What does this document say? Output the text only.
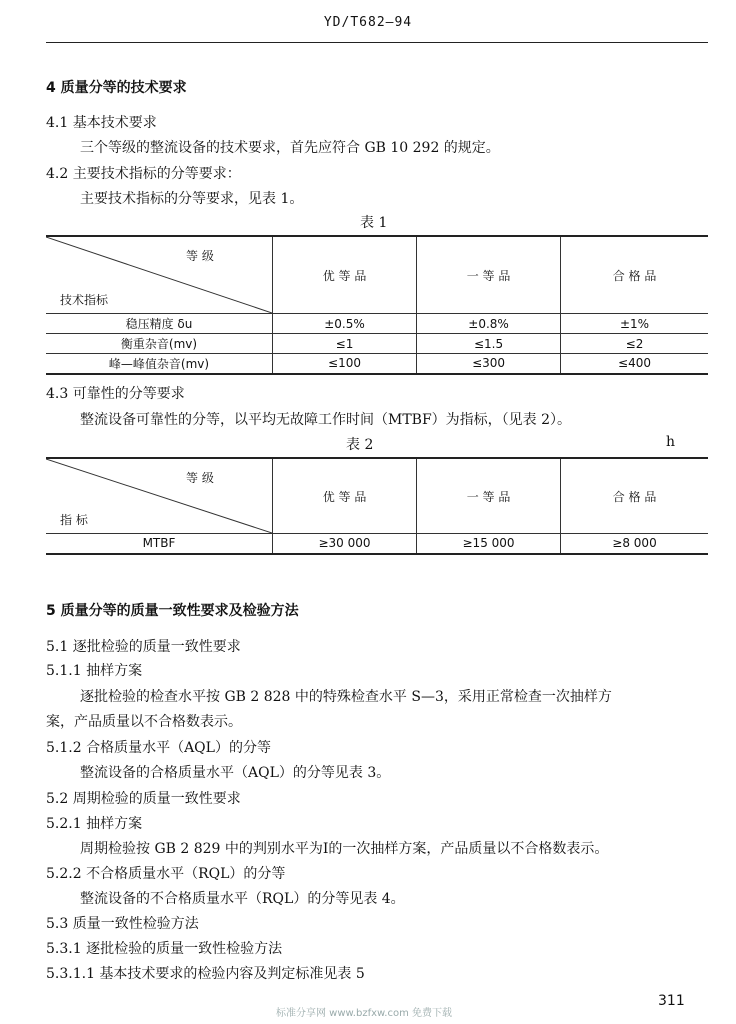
YD/T682—94
4 质量分等的技术要求
4.1 基本技术要求
三个等级的整流设备的技术要求，首先应符合 GB 10 292 的规定。
4.2 主要技术指标的分等要求：
主要技术指标的分等要求，见表 1。
表 1
等 级
技术指标	优 等 品	一 等 品	合 格 品
稳压精度 δu	±0.5%	±0.8%	±1%
衡重杂音(mv)	≤1	≤1.5	≤2
峰—峰值杂音(mv)	≤100	≤300	≤400
4.3 可靠性的分等要求
整流设备可靠性的分等，以平均无故障工作时间（MTBF）为指标，（见表 2）。
表 2	h
等 级
指 标	优 等 品	一 等 品	合 格 品
MTBF	≥30 000	≥15 000	≥8 000
5 质量分等的质量一致性要求及检验方法
5.1 逐批检验的质量一致性要求
5.1.1 抽样方案
逐批检验的检查水平按 GB 2 828 中的特殊检查水平 S—3，采用正常检查一次抽样方
案，产品质量以不合格数表示。
5.1.2 合格质量水平（AQL）的分等
整流设备的合格质量水平（AQL）的分等见表 3。
5.2 周期检验的质量一致性要求
5.2.1 抽样方案
周期检验按 GB 2 829 中的判别水平为Ⅰ的一次抽样方案，产品质量以不合格数表示。
5.2.2 不合格质量水平（RQL）的分等
整流设备的不合格质量水平（RQL）的分等见表 4。
5.3 质量一致性检验方法
5.3.1 逐批检验的质量一致性检验方法
5.3.1.1 基本技术要求的检验内容及判定标准见表 5
311
标准分享网 www.bzfxw.com 免费下载
